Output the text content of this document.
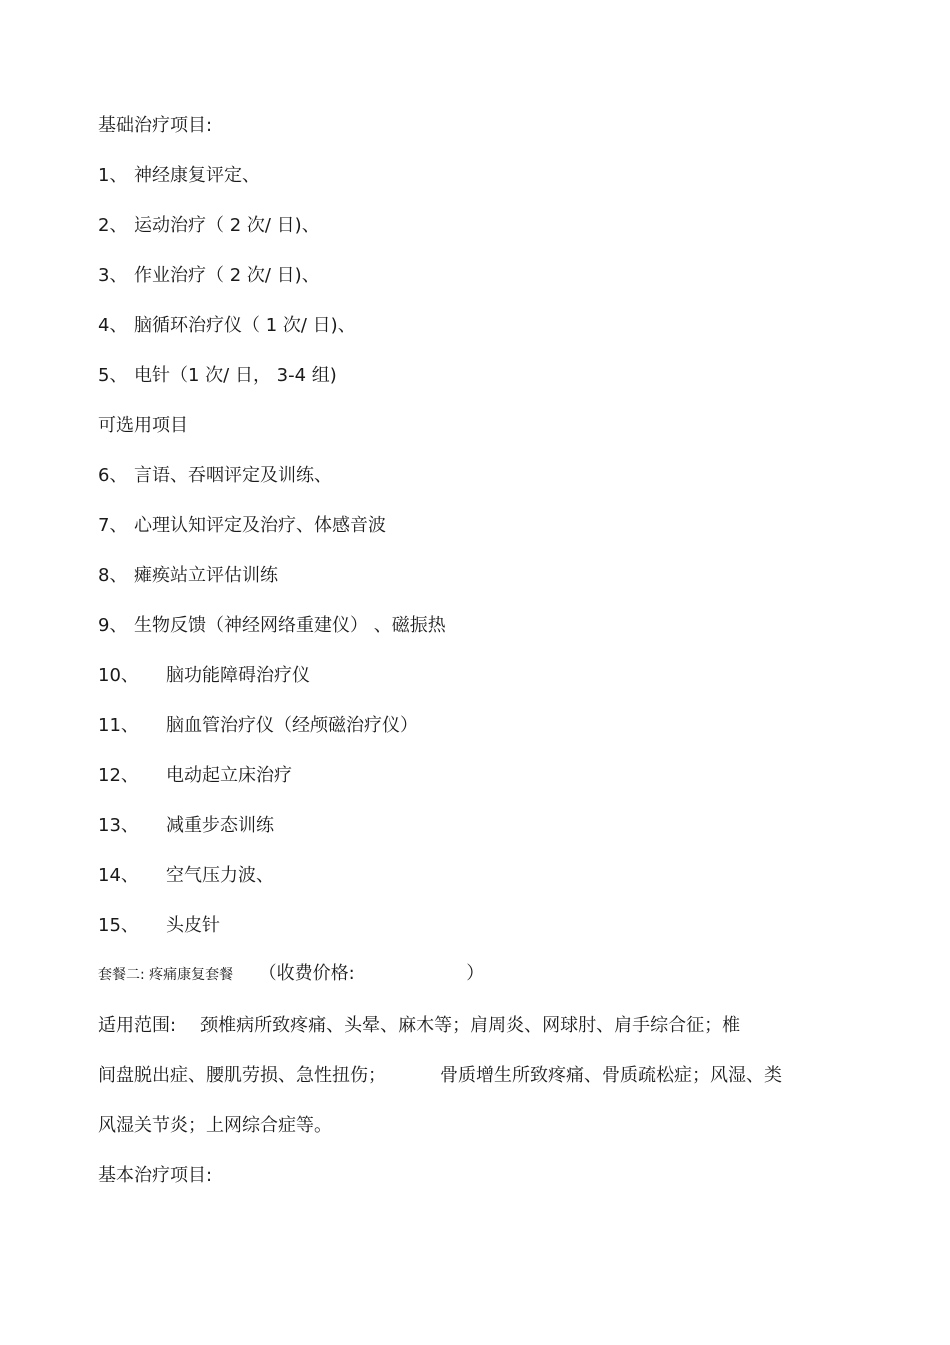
基础治疗项目:
1、 神经康复评定、
2、 运动治疗（ 2 次/ 日)、
3、 作业治疗（ 2 次/ 日)、
4、 脑循环治疗仪（ 1 次/ 日)、
5、 电针（1 次/ 日， 3-4 组)
可选用项目
6、 言语、吞咽评定及训练、
7、 心理认知评定及治疗、体感音波
8、 瘫痪站立评估训练
9、 生物反馈（神经网络重建仪） 、磁振热
10、 脑功能障碍治疗仪
11、 脑血管治疗仪（经颅磁治疗仪）
12、 电动起立床治疗
13、 减重步态训练
14、 空气压力波、
15、 头皮针
套餐二: 疼痛康复套餐 （收费价格:	）
适用范围: 颈椎病所致疼痛、头晕、麻木等；肩周炎、网球肘、肩手综合征；椎
间盘脱出症、腰肌劳损、急性扭伤；	骨质增生所致疼痛、骨质疏松症；风湿、类
风湿关节炎；上网综合症等。
基本治疗项目:
